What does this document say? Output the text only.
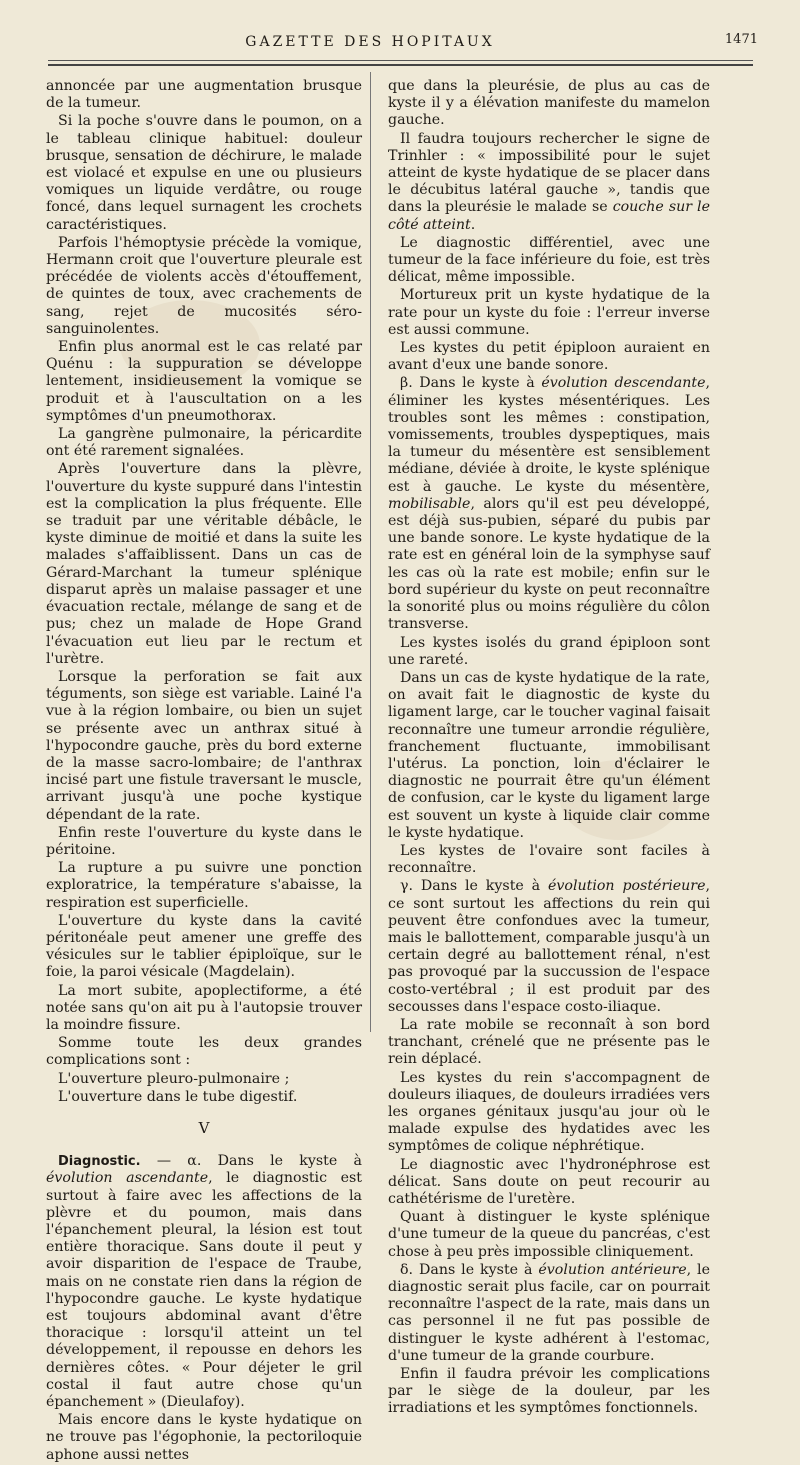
GAZETTE DES HOPITAUX	1471

annoncée par une augmentation brusque de la tumeur.

Si la poche s'ouvre dans le poumon, on a le tableau clinique habituel: douleur brusque, sensation de déchirure, le malade est violacé et expulse en une ou plusieurs vomiques un liquide verdâtre, ou rouge foncé, dans lequel surnagent les crochets caractéristiques.

Parfois l'hémoptysie précède la vomique, Hermann croit que l'ouverture pleurale est précédée de violents accès d'étouffement, de quintes de toux, avec crachements de sang, rejet de mucosités séro-sanguinolentes.

Enfin plus anormal est le cas relaté par Quénu : la suppuration se développe lentement, insidieusement la vomique se produit et à l'auscultation on a les symptômes d'un pneumothorax.

La gangrène pulmonaire, la péricardite ont été rarement signalées.

Après l'ouverture dans la plèvre, l'ouverture du kyste suppuré dans l'intestin est la complication la plus fréquente. Elle se traduit par une véritable débâcle, le kyste diminue de moitié et dans la suite les malades s'affaiblissent. Dans un cas de Gérard-Marchant la tumeur splénique disparut après un malaise passager et une évacuation rectale, mélange de sang et de pus; chez un malade de Hope Grand l'évacuation eut lieu par le rectum et l'urètre.

Lorsque la perforation se fait aux téguments, son siège est variable. Lainé l'a vue à la région lombaire, ou bien un sujet se présente avec un anthrax situé à l'hypocondre gauche, près du bord externe de la masse sacro-lombaire; de l'anthrax incisé part une fistule traversant le muscle, arrivant jusqu'à une poche kystique dépendant de la rate.

Enfin reste l'ouverture du kyste dans le péritoine.

La rupture a pu suivre une ponction exploratrice, la température s'abaisse, la respiration est superficielle.

L'ouverture du kyste dans la cavité péritonéale peut amener une greffe des vésicules sur le tablier épiploïque, sur le foie, la paroi vésicale (Magdelain).

La mort subite, apoplectiforme, a été notée sans qu'on ait pu à l'autopsie trouver la moindre fissure.

Somme toute les deux grandes complications sont :

L'ouverture pleuro-pulmonaire ;

L'ouverture dans le tube digestif.

V

Diagnostic. — α. Dans le kyste à évolution ascendante, le diagnostic est surtout à faire avec les affections de la plèvre et du poumon, mais dans l'épanchement pleural, la lésion est tout entière thoracique. Sans doute il peut y avoir disparition de l'espace de Traube, mais on ne constate rien dans la région de l'hypocondre gauche. Le kyste hydatique est toujours abdominal avant d'être thoracique : lorsqu'il atteint un tel développement, il repousse en dehors les dernières côtes. « Pour déjeter le gril costal il faut autre chose qu'un épanchement » (Dieulafoy).

Mais encore dans le kyste hydatique on ne trouve pas l'égophonie, la pectoriloquie aphone aussi nettes

que dans la pleurésie, de plus au cas de kyste il y a élévation manifeste du mamelon gauche.

Il faudra toujours rechercher le signe de Trinhler : « impossibilité pour le sujet atteint de kyste hydatique de se placer dans le décubitus latéral gauche », tandis que dans la pleurésie le malade se couche sur le côté atteint.

Le diagnostic différentiel, avec une tumeur de la face inférieure du foie, est très délicat, même impossible.

Mortureux prit un kyste hydatique de la rate pour un kyste du foie : l'erreur inverse est aussi commune.

Les kystes du petit épiploon auraient en avant d'eux une bande sonore.

β. Dans le kyste à évolution descendante, éliminer les kystes mésentériques. Les troubles sont les mêmes : constipation, vomissements, troubles dyspeptiques, mais la tumeur du mésentère est sensiblement médiane, déviée à droite, le kyste splénique est à gauche. Le kyste du mésentère, mobilisable, alors qu'il est peu développé, est déjà sus-pubien, séparé du pubis par une bande sonore. Le kyste hydatique de la rate est en général loin de la symphyse sauf les cas où la rate est mobile; enfin sur le bord supérieur du kyste on peut reconnaître la sonorité plus ou moins régulière du côlon transverse.

Les kystes isolés du grand épiploon sont une rareté.

Dans un cas de kyste hydatique de la rate, on avait fait le diagnostic de kyste du ligament large, car le toucher vaginal faisait reconnaître une tumeur arrondie régulière, franchement fluctuante, immobilisant l'utérus. La ponction, loin d'éclairer le diagnostic ne pourrait être qu'un élément de confusion, car le kyste du ligament large est souvent un kyste à liquide clair comme le kyste hydatique.

Les kystes de l'ovaire sont faciles à reconnaître.

γ. Dans le kyste à évolution postérieure, ce sont surtout les affections du rein qui peuvent être confondues avec la tumeur, mais le ballottement, comparable jusqu'à un certain degré au ballottement rénal, n'est pas provoqué par la succussion de l'espace costo-vertébral ; il est produit par des secousses dans l'espace costo-iliaque.

La rate mobile se reconnaît à son bord tranchant, crénelé que ne présente pas le rein déplacé.

Les kystes du rein s'accompagnent de douleurs iliaques, de douleurs irradiées vers les organes génitaux jusqu'au jour où le malade expulse des hydatides avec les symptômes de colique néphrétique.

Le diagnostic avec l'hydronéphrose est délicat. Sans doute on peut recourir au cathétérisme de l'uretère.

Quant à distinguer le kyste splénique d'une tumeur de la queue du pancréas, c'est chose à peu près impossible cliniquement.

δ. Dans le kyste à évolution antérieure, le diagnostic serait plus facile, car on pourrait reconnaître l'aspect de la rate, mais dans un cas personnel il ne fut pas possible de distinguer le kyste adhérent à l'estomac, d'une tumeur de la grande courbure.

Enfin il faudra prévoir les complications par le siège de la douleur, par les irradiations et les symptômes fonctionnels.
